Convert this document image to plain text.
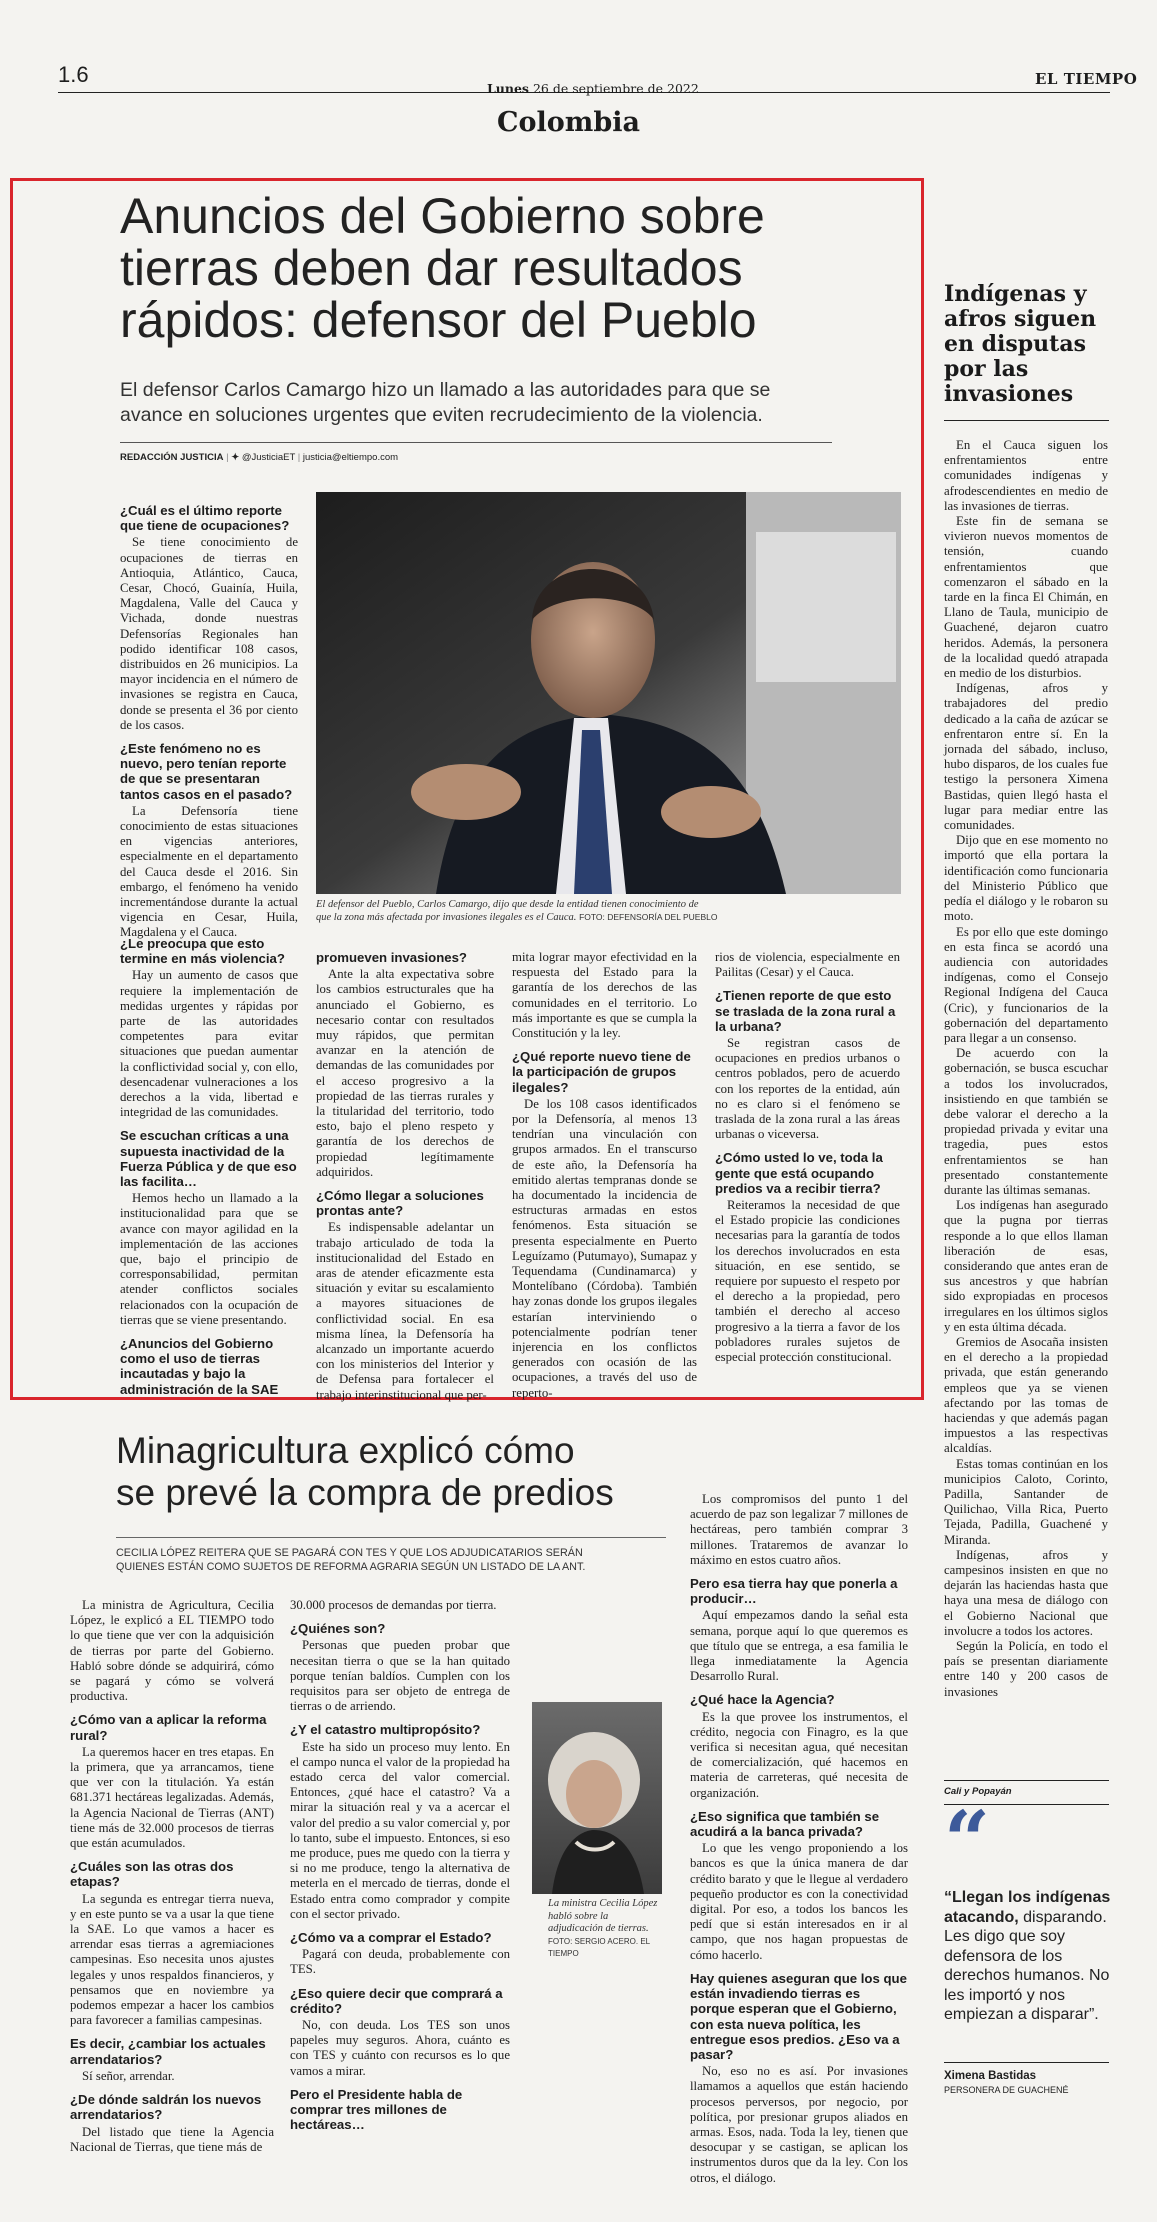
1.6
Lunes 26 de septiembre de 2022
EL TIEMPO
Colombia
Anuncios del Gobierno sobre
tierras deben dar resultados
rápidos: defensor del Pueblo
El defensor Carlos Camargo hizo un llamado a las autoridades para que se
avance en soluciones urgentes que eviten recrudecimiento de la violencia.
REDACCIÓN JUSTICIA | ✦ @JusticiaET | justicia@eltiempo.com
¿Cuál es el último reporte que tiene de ocupaciones?

Se tiene conocimiento de ocupaciones de tierras en Antioquia, Atlántico, Cauca, Cesar, Chocó, Guainía, Huila, Magdalena, Valle del Cauca y Vichada, donde nuestras Defensorías Regionales han podido identificar 108 casos, distribuidos en 26 municipios. La mayor incidencia en el número de invasiones se registra en Cauca, donde se presenta el 36 por ciento de los casos.

¿Este fenómeno no es nuevo, pero tenían reporte de que se presentaran tantos casos en el pasado?

La Defensoría tiene conocimiento de estas situaciones en vigencias anteriores, especialmente en el departamento del Cauca desde el 2016. Sin embargo, el fenómeno ha venido incrementándose durante la actual vigencia en Cesar, Huila, Magdalena y el Cauca.

El defensor del Pueblo, Carlos Camargo, dijo que desde la entidad tienen conocimiento de
que la zona más afectada por invasiones ilegales es el Cauca. FOTO: DEFENSORÍA DEL PUEBLO
¿Le preocupa que esto termine en más violencia?

Hay un aumento de casos que requiere la implementación de medidas urgentes y rápidas por parte de las autoridades competentes para evitar situaciones que puedan aumentar la conflictividad social y, con ello, desencadenar vulneraciones a los derechos a la vida, libertad e integridad de las comunidades.

Se escuchan críticas a una supuesta inactividad de la Fuerza Pública y de que eso las facilita…

Hemos hecho un llamado a la institucionalidad para que se avance con mayor agilidad en la implementación de las acciones que, bajo el principio de corresponsabilidad, permitan atender conflictos sociales relacionados con la ocupación de tierras que se viene presentando.

¿Anuncios del Gobierno como el uso de tierras incautadas y bajo la administración de la SAE
promueven invasiones?

Ante la alta expectativa sobre los cambios estructurales que ha anunciado el Gobierno, es necesario contar con resultados muy rápidos, que permitan avanzar en la atención de demandas de las comunidades por el acceso progresivo a la propiedad de las tierras rurales y la titularidad del territorio, todo esto, bajo el pleno respeto y garantía de los derechos de propiedad legítimamente adquiridos.

¿Cómo llegar a soluciones prontas ante?

Es indispensable adelantar un trabajo articulado de toda la institucionalidad del Estado en aras de atender eficazmente esta situación y evitar su escalamiento a mayores situaciones de conflictividad social. En esa misma línea, la Defensoría ha alcanzado un importante acuerdo con los ministerios del Interior y de Defensa para fortalecer el trabajo interinstitucional que per-

mita lograr mayor efectividad en la respuesta del Estado para la garantía de los derechos de las comunidades en el territorio. Lo más importante es que se cumpla la Constitución y la ley.

¿Qué reporte nuevo tiene de la participación de grupos ilegales?

De los 108 casos identificados por la Defensoría, al menos 13 tendrían una vinculación con grupos armados. En el transcurso de este año, la Defensoría ha emitido alertas tempranas donde se ha documentado la incidencia de estructuras armadas en estos fenómenos. Esta situación se presenta especialmente en Puerto Leguízamo (Putumayo), Sumapaz y Tequendama (Cundinamarca) y Montelíbano (Córdoba). También hay zonas donde los grupos ilegales estarían interviniendo o potencialmente podrían tener injerencia en los conflictos generados con ocasión de las ocupaciones, a través del uso de reperto-

rios de violencia, especialmente en Pailitas (Cesar) y el Cauca.

¿Tienen reporte de que esto se traslada de la zona rural a la urbana?

Se registran casos de ocupaciones en predios urbanos o centros poblados, pero de acuerdo con los reportes de la entidad, aún no es claro si el fenómeno se traslada de la zona rural a las áreas urbanas o viceversa.

¿Cómo usted lo ve, toda la gente que está ocupando predios va a recibir tierra?

Reiteramos la necesidad de que el Estado propicie las condiciones necesarias para la garantía de todos los derechos involucrados en esta situación, en ese sentido, se requiere por supuesto el respeto por el derecho a la propiedad, pero también el derecho al acceso progresivo a la tierra a favor de los pobladores rurales sujetos de especial protección constitucional.

Indígenas y
afros siguen
en disputas
por las
invasiones

En el Cauca siguen los enfrentamientos entre comunidades indígenas y afrodescendientes en medio de las invasiones de tierras.

Este fin de semana se vivieron nuevos momentos de tensión, cuando enfrentamientos que comenzaron el sábado en la tarde en la finca El Chimán, en Llano de Taula, municipio de Guachené, dejaron cuatro heridos. Además, la personera de la localidad quedó atrapada en medio de los disturbios.

Indígenas, afros y trabajadores del predio dedicado a la caña de azúcar se enfrentaron entre sí. En la jornada del sábado, incluso, hubo disparos, de los cuales fue testigo la personera Ximena Bastidas, quien llegó hasta el lugar para mediar entre las comunidades.

Dijo que en ese momento no importó que ella portara la identificación como funcionaria del Ministerio Público que pedía el diálogo y le robaron su moto.

Es por ello que este domingo en esta finca se acordó una audiencia con autoridades indígenas, como el Consejo Regional Indígena del Cauca (Cric), y funcionarios de la gobernación del departamento para llegar a un consenso.

De acuerdo con la gobernación, se busca escuchar a todos los involucrados, insistiendo en que también se debe valorar el derecho a la propiedad privada y evitar una tragedia, pues estos enfrentamientos se han presentado constantemente durante las últimas semanas.

Los indígenas han asegurado que la pugna por tierras responde a lo que ellos llaman liberación de esas, considerando que antes eran de sus ancestros y que habrían sido expropiadas en procesos irregulares en los últimos siglos y en esta última década.

Gremios de Asocaña insisten en el derecho a la propiedad privada, que están generando empleos que ya se vienen afectando por las tomas de haciendas y que además pagan impuestos a las respectivas alcaldías.

Estas tomas continúan en los municipios Caloto, Corinto, Padilla, Santander de Quilichao, Villa Rica, Puerto Tejada, Padilla, Guachené y Miranda.

Indígenas, afros y campesinos insisten en que no dejarán las haciendas hasta que haya una mesa de diálogo con el Gobierno Nacional que involucre a todos los actores.

Según la Policía, en todo el país se presentan diariamente entre 140 y 200 casos de invasiones

Cali y Popayán
“
“Llegan los indígenas atacando, disparando. Les digo que soy defensora de los derechos humanos. No les importó y nos empiezan a disparar”.
Ximena Bastidas
PERSONERA DE GUACHENÉ
Minagricultura explicó cómo
se prevé la compra de predios
CECILIA LÓPEZ REITERA QUE SE PAGARÁ CON TES Y QUE LOS ADJUDICATARIOS SERÁN
QUIENES ESTÁN COMO SUJETOS DE REFORMA AGRARIA SEGÚN UN LISTADO DE LA ANT.

La ministra de Agricultura, Cecilia López, le explicó a EL TIEMPO todo lo que tiene que ver con la adquisición de tierras por parte del Gobierno. Habló sobre dónde se adquirirá, cómo se pagará y cómo se volverá productiva.

¿Cómo van a aplicar la reforma rural?

La queremos hacer en tres etapas. En la primera, que ya arrancamos, tiene que ver con la titulación. Ya están 681.371 hectáreas legalizadas. Además, la Agencia Nacional de Tierras (ANT) tiene más de 32.000 procesos de tierras que están acumulados.

¿Cuáles son las otras dos etapas?

La segunda es entregar tierra nueva, y en este punto se va a usar la que tiene la SAE. Lo que vamos a hacer es arrendar esas tierras a agremiaciones campesinas. Eso necesita unos ajustes legales y unos respaldos financieros, y pensamos que en noviembre ya podemos empezar a hacer los cambios para favorecer a familias campesinas.

Es decir, ¿cambiar los actuales arrendatarios?

Sí señor, arrendar.

¿De dónde saldrán los nuevos arrendatarios?

Del listado que tiene la Agencia Nacional de Tierras, que tiene más de

30.000 procesos de demandas por tierra.

¿Quiénes son?

Personas que pueden probar que necesitan tierra o que se la han quitado porque tenían baldíos. Cumplen con los requisitos para ser objeto de entrega de tierras o de arriendo.

¿Y el catastro multipropósito?

Este ha sido un proceso muy lento. En el campo nunca el valor de la propiedad ha estado cerca del valor comercial. Entonces, ¿qué hace el catastro? Va a mirar la situación real y va a acercar el valor del predio a su valor comercial y, por lo tanto, sube el impuesto. Entonces, si eso me produce, pues me quedo con la tierra y si no me produce, tengo la alternativa de meterla en el mercado de tierras, donde el Estado entra como comprador y compite con el sector privado.

¿Cómo va a comprar el Estado?

Pagará con deuda, probablemente con TES.

¿Eso quiere decir que comprará a crédito?

No, con deuda. Los TES son unos papeles muy seguros. Ahora, cuánto es con TES y cuánto con recursos es lo que vamos a mirar.

Pero el Presidente habla de comprar tres millones de hectáreas…
La ministra Cecilia López habló sobre la adjudicación de tierras. FOTO: SERGIO ACERO. EL TIEMPO

Los compromisos del punto 1 del acuerdo de paz son legalizar 7 millones de hectáreas, pero también comprar 3 millones. Trataremos de avanzar lo máximo en estos cuatro años.

Pero esa tierra hay que ponerla a producir…

Aquí empezamos dando la señal esta semana, porque aquí lo que queremos es que título que se entrega, a esa familia le llega inmediatamente la Agencia Desarrollo Rural.

¿Qué hace la Agencia?

Es la que provee los instrumentos, el crédito, negocia con Finagro, es la que verifica si necesitan agua, qué necesitan de comercialización, qué hacemos en materia de carreteras, qué necesita de organización.

¿Eso significa que también se acudirá a la banca privada?

Lo que les vengo proponiendo a los bancos es que la única manera de dar crédito barato y que le llegue al verdadero pequeño productor es con la conectividad digital. Por eso, a todos los bancos les pedí que si están interesados en ir al campo, que nos hagan propuestas de cómo hacerlo.

Hay quienes aseguran que los que están invadiendo tierras es porque esperan que el Gobierno, con esta nueva política, les entregue esos predios. ¿Eso va a pasar?

No, eso no es así. Por invasiones llamamos a aquellos que están haciendo procesos perversos, por negocio, por política, por presionar grupos aliados en armas. Esos, nada. Toda la ley, tienen que desocupar y se castigan, se aplican los instrumentos duros que da la ley. Con los otros, el diálogo.
